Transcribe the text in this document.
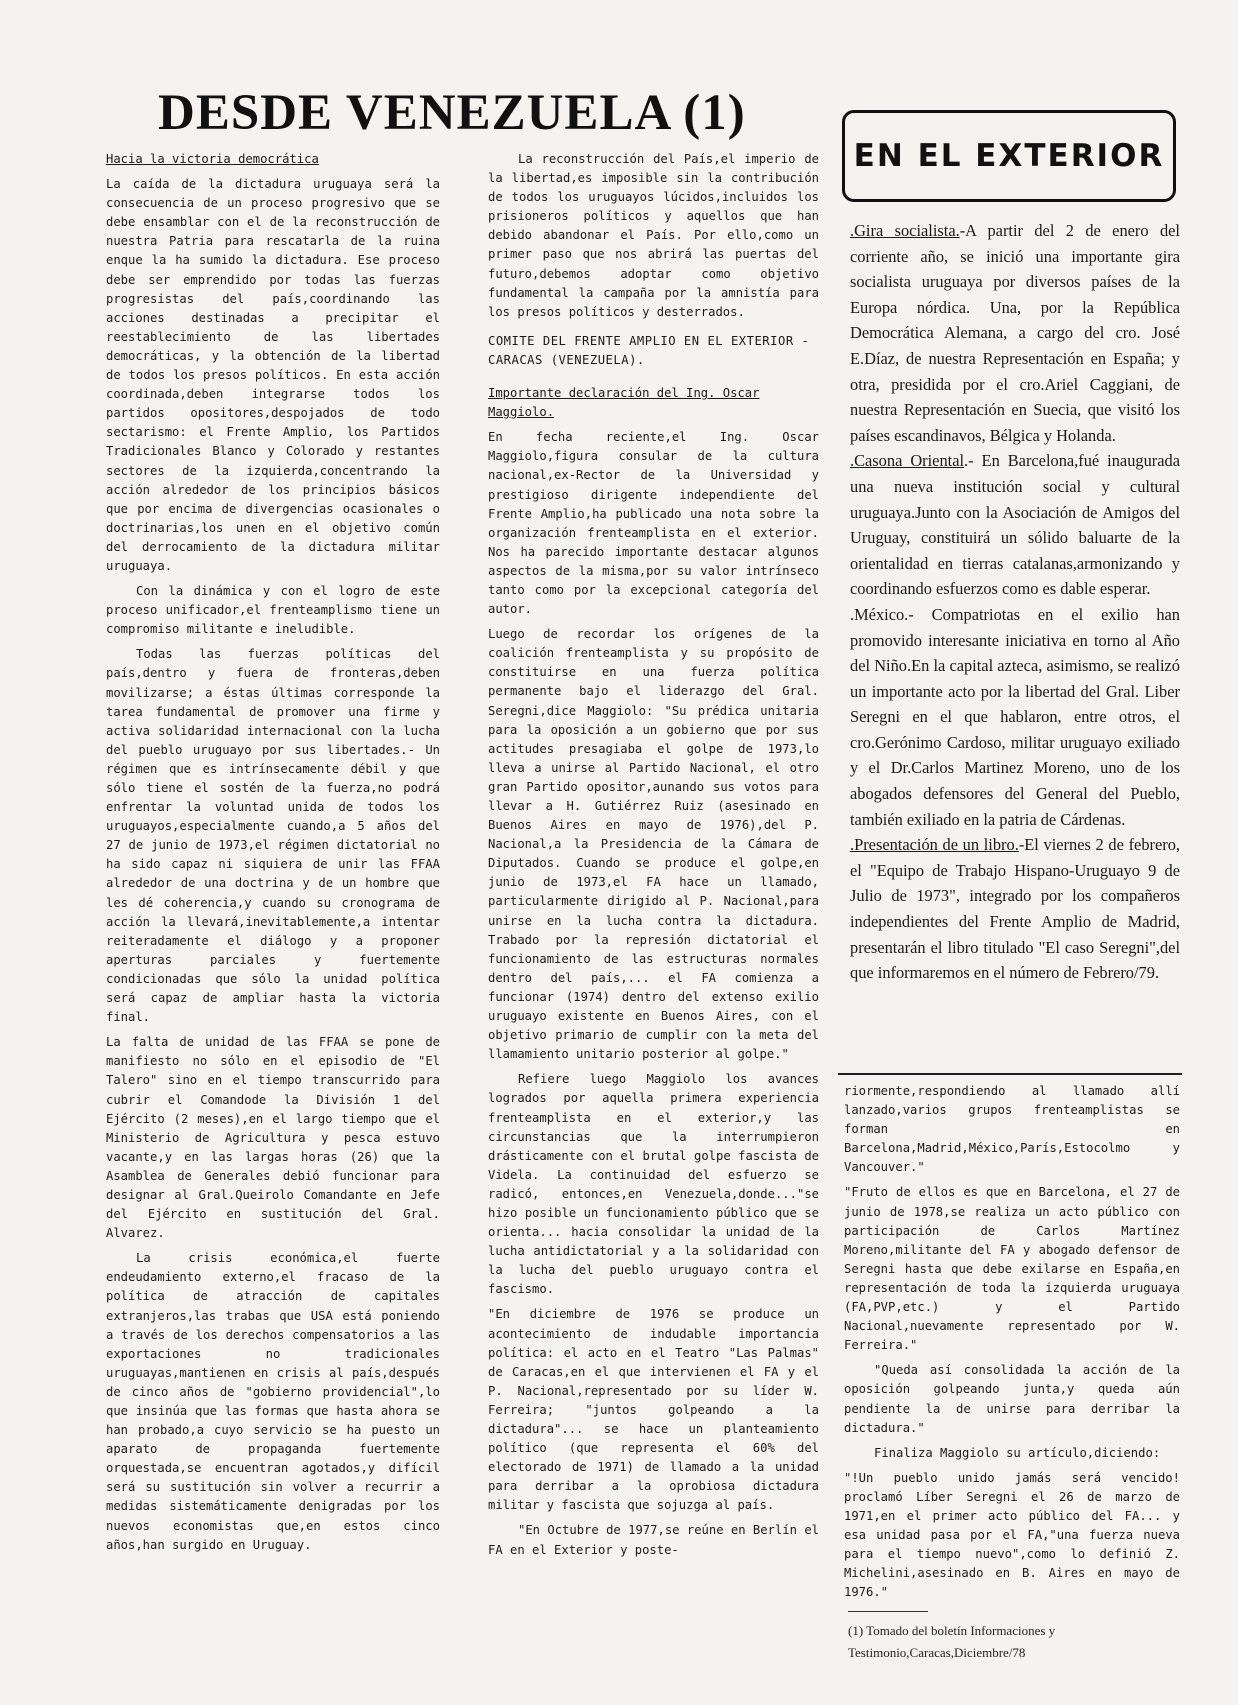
DESDE VENEZUELA (1)

Hacia la victoria democrática

La caída de la dictadura uruguaya será la consecuencia de un proceso progresivo que se debe ensamblar con el de la reconstrucción de nuestra Patria para rescatarla de la ruina enque la ha sumido la dictadura. Ese proceso debe ser emprendido por todas las fuerzas progresistas del país,coordinando las acciones destinadas a precipitar el reestablecimiento de las libertades democráticas, y la obtención de la libertad de todos los presos políticos. En esta acción coordinada,deben integrarse todos los partidos opositores,despojados de todo sectarismo: el Frente Amplio, los Partidos Tradicionales Blanco y Colorado y restantes sectores de la izquierda,concentrando la acción alrededor de los principios básicos que por encima de divergencias ocasionales o doctrinarias,los unen en el objetivo común del derrocamiento de la dictadura militar uruguaya.

Con la dinámica y con el logro de este proceso unificador,el frenteamplismo tiene un compromiso militante e ineludible.

Todas las fuerzas políticas del país,dentro y fuera de fronteras,deben movilizarse; a éstas últimas corresponde la tarea fundamental de promover una firme y activa solidaridad internacional con la lucha del pueblo uruguayo por sus libertades.- Un régimen que es intrínsecamente débil y que sólo tiene el sostén de la fuerza,no podrá enfrentar la voluntad unida de todos los uruguayos,especialmente cuando,a 5 años del 27 de junio de 1973,el régimen dictatorial no ha sido capaz ni siquiera de unir las FFAA alrededor de una doctrina y de un hombre que les dé coherencia,y cuando su cronograma de acción la llevará,inevitablemente,a intentar reiteradamente el diálogo y a proponer aperturas parciales y fuertemente condicionadas que sólo la unidad política será capaz de ampliar hasta la victoria final.

La falta de unidad de las FFAA se pone de manifiesto no sólo en el episodio de "El Talero" sino en el tiempo transcurrido para cubrir el Comandode la División 1 del Ejército (2 meses),en el largo tiempo que el Ministerio de Agricultura y pesca estuvo vacante,y en las largas horas (26) que la Asamblea de Generales debió funcionar para designar al Gral.Queirolo Comandante en Jefe del Ejército en sustitución del Gral. Alvarez.

La crisis económica,el fuerte endeudamiento externo,el fracaso de la política de atracción de capitales extranjeros,las trabas que USA está poniendo a través de los derechos compensatorios a las exportaciones no tradicionales uruguayas,mantienen en crisis al país,después de cinco años de "gobierno providencial",lo que insinúa que las formas que hasta ahora se han probado,a cuyo servicio se ha puesto un aparato de propaganda fuertemente orquestada,se encuentran agotados,y difícil será su sustitución sin volver a recurrir a medidas sistemáticamente denigradas por los nuevos economistas que,en estos cinco años,han surgido en Uruguay.

La reconstrucción del País,el imperio de la libertad,es imposible sin la contribución de todos los uruguayos lúcidos,incluidos los prisioneros políticos y aquellos que han debido abandonar el País. Por ello,como un primer paso que nos abrirá las puertas del futuro,debemos adoptar como objetivo fundamental la campaña por la amnistía para los presos políticos y desterrados.

COMITE DEL FRENTE AMPLIO EN EL EXTERIOR - CARACAS (VENEZUELA).

Importante declaración del Ing. Oscar Maggiolo.

En fecha reciente,el Ing. Oscar Maggiolo,figura consular de la cultura nacional,ex-Rector de la Universidad y prestigioso dirigente independiente del Frente Amplio,ha publicado una nota sobre la organización frenteamplista en el exterior. Nos ha parecido importante destacar algunos aspectos de la misma,por su valor intrínseco tanto como por la excepcional categoría del autor.

Luego de recordar los orígenes de la coalición frenteamplista y su propósito de constituirse en una fuerza política permanente bajo el liderazgo del Gral. Seregni,dice Maggiolo: "Su prédica unitaria para la oposición a un gobierno que por sus actitudes presagiaba el golpe de 1973,lo lleva a unirse al Partido Nacional, el otro gran Partido opositor,aunando sus votos para llevar a H. Gutiérrez Ruiz (asesinado en Buenos Aires en mayo de 1976),del P. Nacional,a la Presidencia de la Cámara de Diputados. Cuando se produce el golpe,en junio de 1973,el FA hace un llamado, particularmente dirigido al P. Nacional,para unirse en la lucha contra la dictadura. Trabado por la represión dictatorial el funcionamiento de las estructuras normales dentro del país,... el FA comienza a funcionar (1974) dentro del extenso exilio uruguayo existente en Buenos Aires, con el objetivo primario de cumplir con la meta del llamamiento unitario posterior al golpe."

Refiere luego Maggiolo los avances logrados por aquella primera experiencia frenteamplista en el exterior,y las circunstancias que la interrumpieron drásticamente con el brutal golpe fascista de Videla. La continuidad del esfuerzo se radicó, entonces,en Venezuela,donde..."se hizo posible un funcionamiento público que se orienta... hacia consolidar la unidad de la lucha antidictatorial y a la solidaridad con la lucha del pueblo uruguayo contra el fascismo.

"En diciembre de 1976 se produce un acontecimiento de indudable importancia política: el acto en el Teatro "Las Palmas" de Caracas,en el que intervienen el FA y el P. Nacional,representado por su líder W. Ferreira; "juntos golpeando a la dictadura"... se hace un planteamiento político (que representa el 60% del electorado de 1971) de llamado a la unidad para derribar a la oprobiosa dictadura militar y fascista que sojuzga al país.

"En Octubre de 1977,se reúne en Berlín el FA en el Exterior y poste-

EN EL EXTERIOR

.Gira socialista.-A partir del 2 de enero del corriente año, se inició una importante gira socialista uruguaya por diversos países de la Europa nórdica. Una, por la República Democrática Alemana, a cargo del cro. José E.Díaz, de nuestra Representación en España; y otra, presidida por el cro.Ariel Caggiani, de nuestra Representación en Suecia, que visitó los países escandinavos, Bélgica y Holanda.

.Casona Oriental.- En Barcelona,fué inaugurada una nueva institución social y cultural uruguaya.Junto con la Asociación de Amigos del Uruguay, constituirá un sólido baluarte de la orientalidad en tierras catalanas,armonizando y coordinando esfuerzos como es dable esperar.

.México.- Compatriotas en el exilio han promovido interesante iniciativa en torno al Año del Niño.En la capital azteca, asimismo, se realizó un importante acto por la libertad del Gral. Liber Seregni en el que hablaron, entre otros, el cro.Gerónimo Cardoso, militar uruguayo exiliado y el Dr.Carlos Martinez Moreno, uno de los abogados defensores del General del Pueblo, también exiliado en la patria de Cárdenas.

.Presentación de un libro.-El viernes 2 de febrero, el "Equipo de Trabajo Hispano-Uruguayo 9 de Julio de 1973", integrado por los compañeros independientes del Frente Amplio de Madrid, presentarán el libro titulado "El caso Seregni",del que informaremos en el número de Febrero/79.

riormente,respondiendo al llamado allí lanzado,varios grupos frenteamplistas se forman en Barcelona,Madrid,México,París,Estocolmo y Vancouver."

"Fruto de ellos es que en Barcelona, el 27 de junio de 1978,se realiza un acto público con participación de Carlos Martínez Moreno,militante del FA y abogado defensor de Seregni hasta que debe exilarse en España,en representación de toda la izquierda uruguaya (FA,PVP,etc.) y el Partido Nacional,nuevamente representado por W. Ferreira."

"Queda así consolidada la acción de la oposición golpeando junta,y queda aún pendiente la de unirse para derribar la dictadura."

Finaliza Maggiolo su artículo,diciendo:

"!Un pueblo unido jamás será vencido! proclamó Líber Seregni el 26 de marzo de 1971,en el primer acto público del FA... y esa unidad pasa por el FA,"una fuerza nueva para el tiempo nuevo",como lo definió Z. Michelini,asesinado en B. Aires en mayo de 1976."

(1) Tomado del boletín Informaciones y Testimonio,Caracas,Diciembre/78
